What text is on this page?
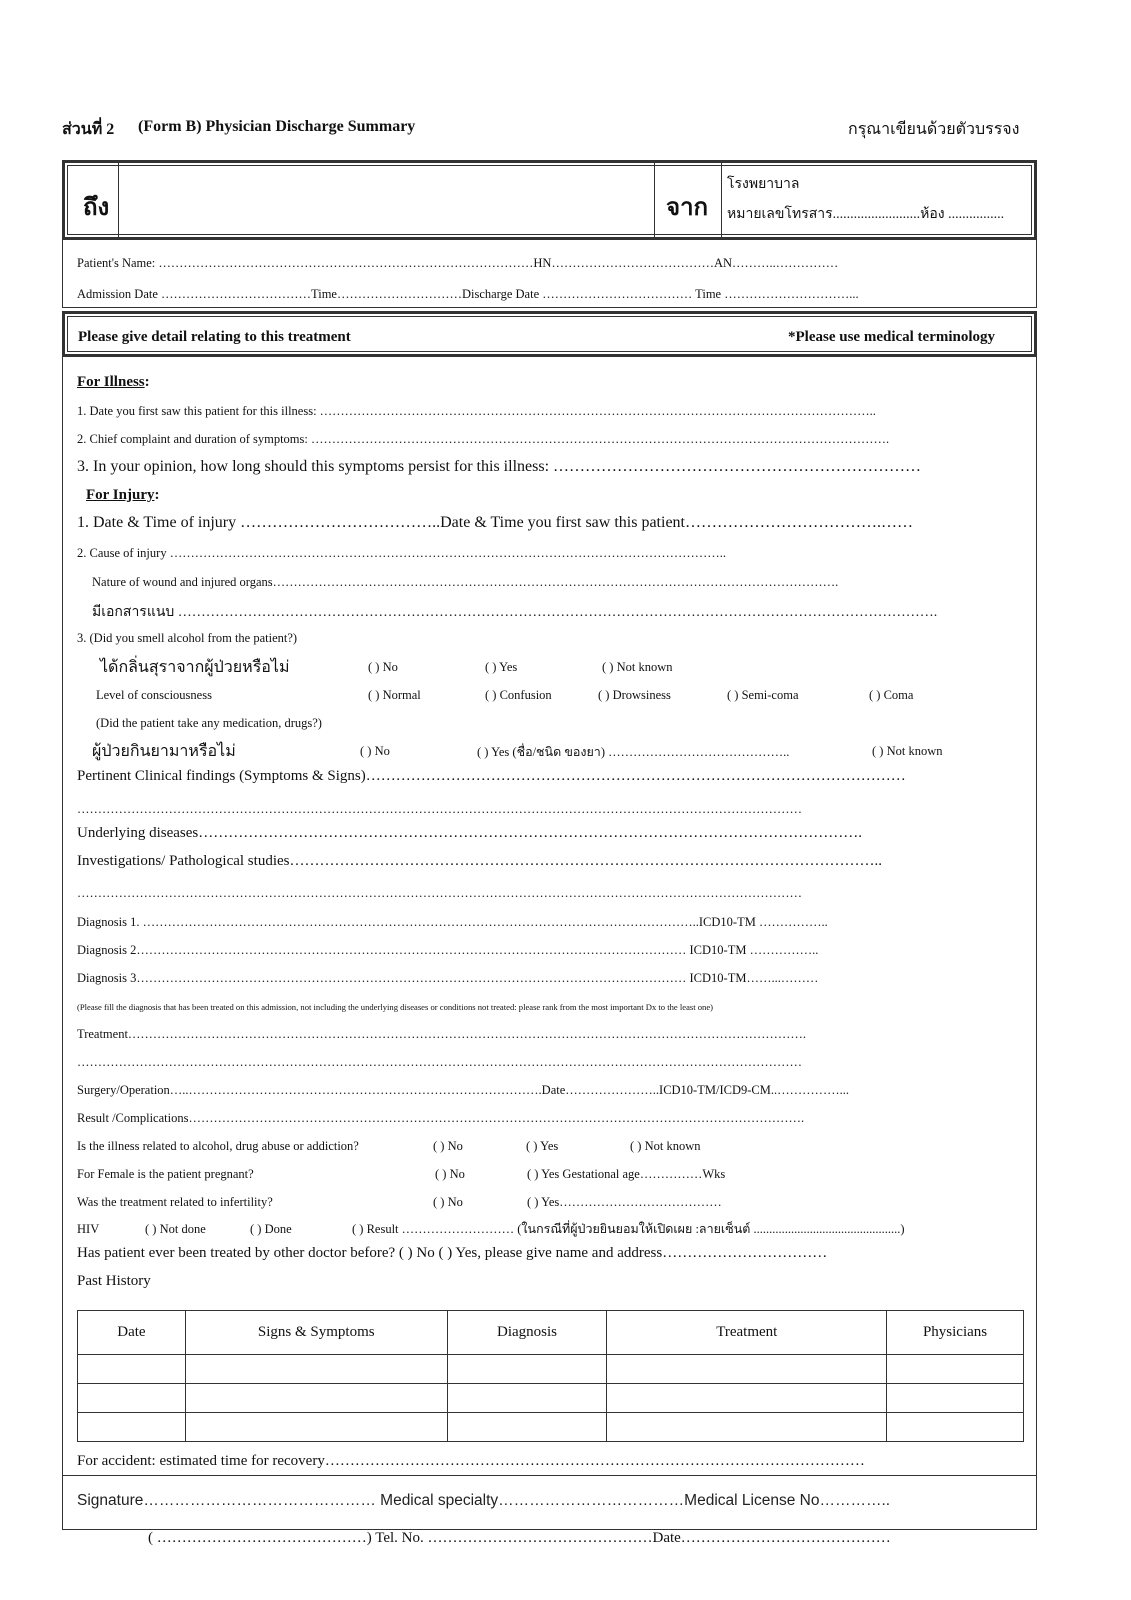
ส่วนที่ 2 (Form B) Physician Discharge Summary	กรุณาเขียนด้วยตัวบรรจง
ถึง	จาก
โรงพยาบาล
หมายเลขโทรสาร.........................ห้อง ................
Patient's Name: ………………………………………………………………………………HN…………………………………AN………..……………
Admission Date ………………………………Time…………………………Discharge Date ……………………………… Time …………………………...
Please give detail relating to this treatment	*Please use medical terminology
For Illness:
1. Date you first saw this patient for this illness: ……………………………………………………………………………………………………………………..
2. Chief complaint and duration of symptoms: ………………………………………………………………………………………………………………………….
3. In your opinion, how long should this symptoms persist for this illness: ……………………………………………………………
For Injury:
1. Date & Time of injury ………………………………..Date & Time you first saw this patient……………………………….……
2. Cause of injury ……………………………………………………………………………………………………………………..
Nature of wound and injured organs……………………………………………………………………………………………………………………….
มีเอกสารแนบ ……………………………………………………………………………………………………………………………………………….
3. (Did you smell alcohol from the patient?)
ได้กลิ่นสุราจากผู้ป่วยหรือไม่	( ) No	( ) Yes	( ) Not known
Level of consciousness	( ) Normal	( ) Confusion	( ) Drowsiness	( ) Semi-coma	( ) Coma
(Did the patient take any medication, drugs?)
ผู้ป่วยกินยามาหรือไม่	( ) No	( ) Yes (ชื่อ/ชนิด ของยา) ……………………………………..	( ) Not known
Pertinent Clinical findings (Symptoms & Signs)………………………………………………………………………………………………
…………………………………………………………………………………………………………………………………………………………
Underlying diseases…………………………………………………………………………………………………………………….
Investigations/ Pathological studies………………………………………………………………………………………………………..
…………………………………………………………………………………………………………………………………………………………
Diagnosis 1. ……………………………………………………………………………………………………………………..ICD10-TM ……………..
Diagnosis 2…………………………………………………………………………………………………………………… ICD10-TM ……………..
Diagnosis 3…………………………………………………………………………………………………………………… ICD10-TM……...………
(Please fill the diagnosis that has been treated on this admission, not including the underlying diseases or conditions not treated: please rank from the most important Dx to the least one)
Treatment……………………………………………………………………………………………………………………………………………….
…………………………………………………………………………………………………………………………………………………………
Surgery/Operation…..………………………………………………………………………….Date…………………..ICD10-TM/ICD9-CM..……………...
Result /Complications………………………………………………………………………………………………………………………………….
Is the illness related to alcohol, drug abuse or addiction?	( ) No	( ) Yes	( ) Not known
For Female is the patient pregnant?	( ) No	( ) Yes Gestational age……………Wks
Was the treatment related to infertility?	( ) No	( ) Yes…………………………………
HIV	( ) Not done	( ) Done	( ) Result ……………………… (ในกรณีที่ผู้ป่วยยินยอมให้เปิดเผย :ลายเซ็นต์ ...............................................)
Has patient ever been treated by other doctor before? ( ) No ( ) Yes, please give name and address……………………………
Past History
Date	Signs & Symptoms	Diagnosis	Treatment	Physicians

For accident: estimated time for recovery………………………………………………………………………………………………
Signature……………………………………… Medical specialty………………………………Medical License No…………..
( ……………………………………) Tel. No. ………………………………………Date……………………………………
